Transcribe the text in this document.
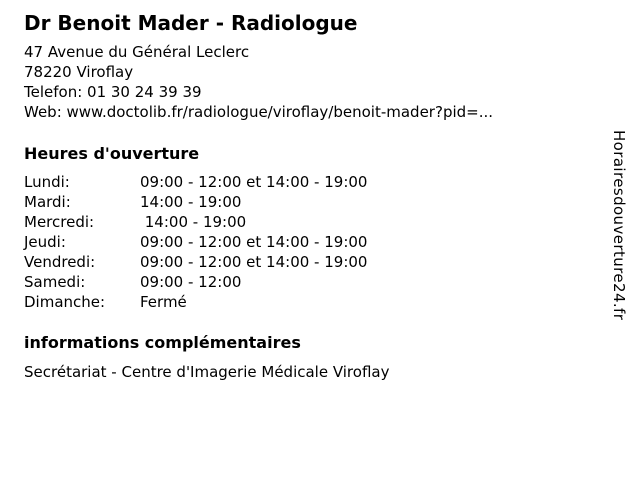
Dr Benoit Mader - Radiologue
47 Avenue du Général Leclerc
78220 Viroflay
Telefon: 01 30 24 39 39
Web: www.doctolib.fr/radiologue/viroflay/benoit-mader?pid=...
Heures d'ouverture
Lundi:	09:00 - 12:00 et 14:00 - 19:00
Mardi:	14:00 - 19:00
Mercredi:	14:00 - 19:00
Jeudi:	09:00 - 12:00 et 14:00 - 19:00
Vendredi:	09:00 - 12:00 et 14:00 - 19:00
Samedi:	09:00 - 12:00
Dimanche:	Fermé
informations complémentaires
Secrétariat - Centre d'Imagerie Médicale Viroflay
Horairesdouverture24.fr
